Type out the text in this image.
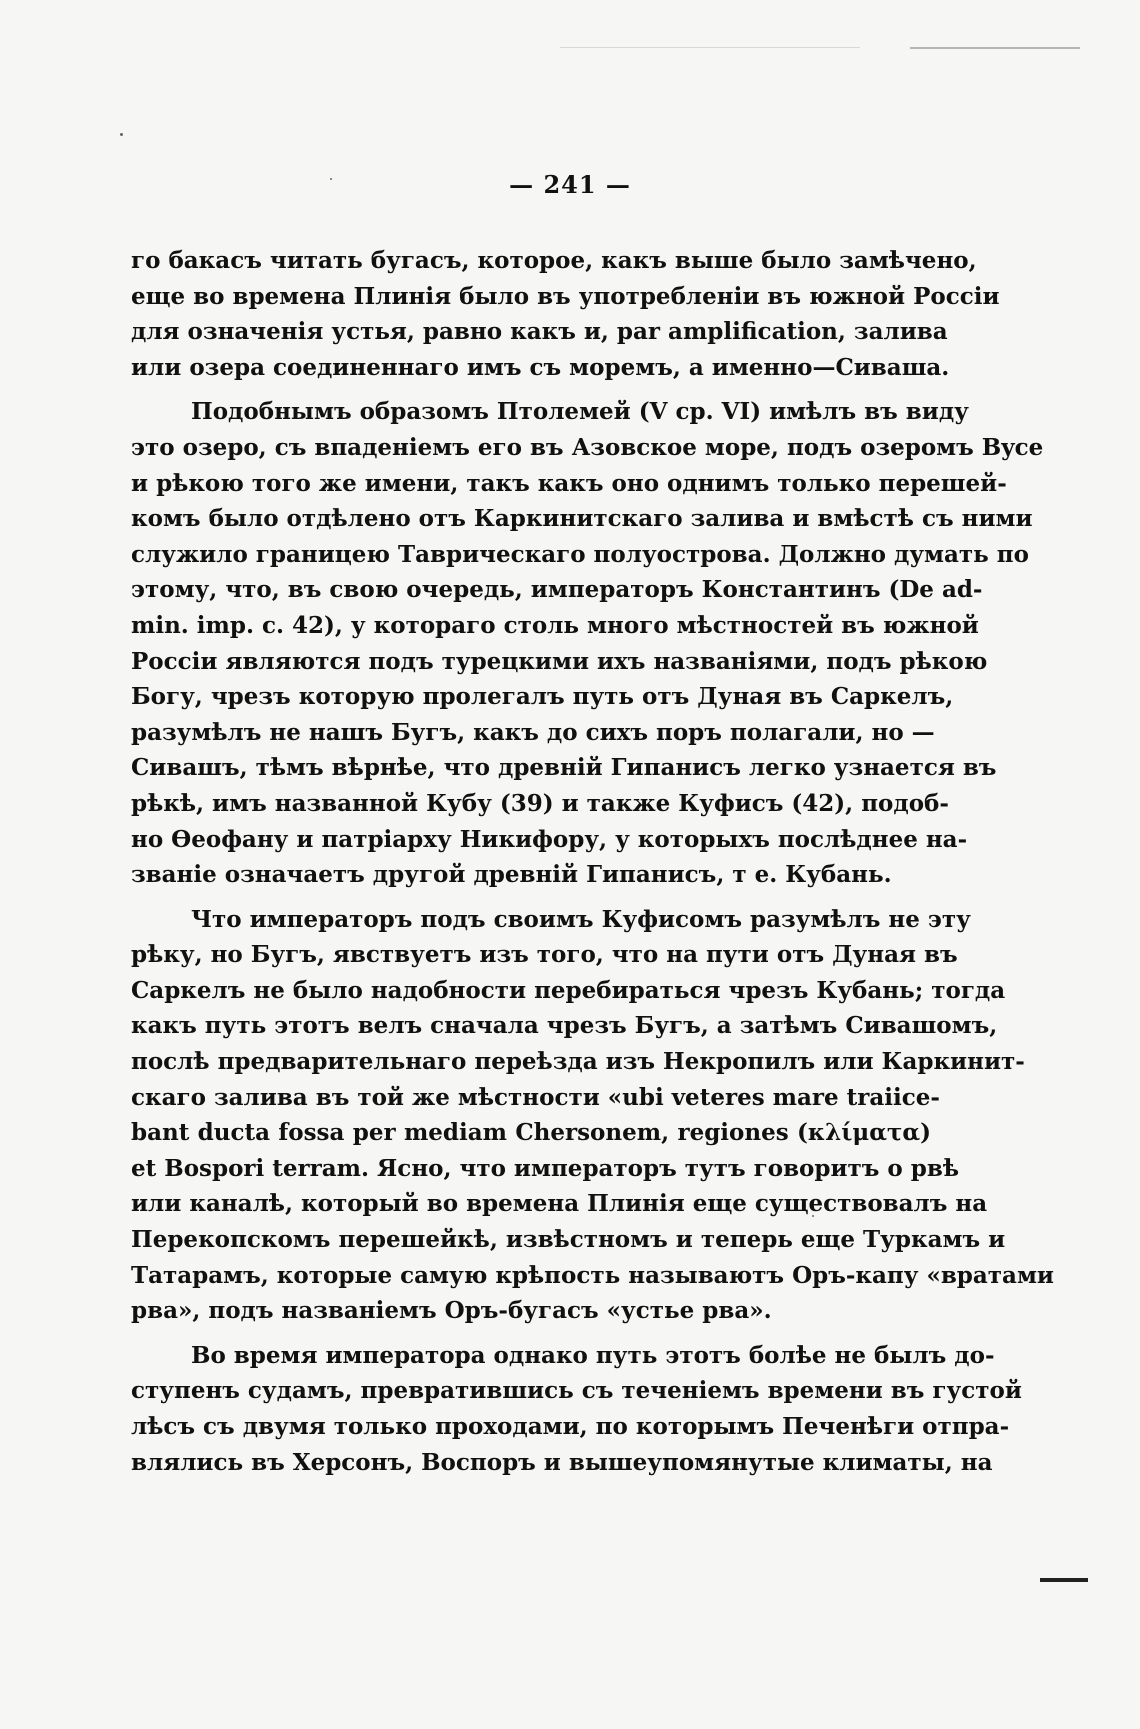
— 241 —
го бакасъ читать бугасъ, которое, какъ выше было замѣчено,
еще во времена Плинія было въ употребленіи въ южной Россіи
для означенія устья, равно какъ и, par amplification, залива
или озера соединеннаго имъ съ моремъ, а именно—Сиваша.
Подобнымъ образомъ Птолемей (V ср. VI) имѣлъ въ виду
это озеро, съ впаденіемъ его въ Азовское море, подъ озеромъ Byce
и рѣкою того же имени, такъ какъ оно однимъ только перешей-
комъ было отдѣлено отъ Каркинитскаго залива и вмѣстѣ съ ними
служило границею Таврическаго полуострова. Должно думать по
этому, что, въ свою очередь, императоръ Константинъ (De ad-
min. imp. c. 42), у котораго столь много мѣстностей въ южной
Россіи являются подъ турецкими ихъ названіями, подъ рѣкою
Богу, чрезъ которую пролегалъ путь отъ Дуная въ Саркелъ,
разумѣлъ не нашъ Бугъ, какъ до сихъ поръ полагали, но —
Сивашъ, тѣмъ вѣрнѣе, что древній Гипанисъ легко узнается въ
рѣкѣ, имъ названной Кубу (39) и также Куфисъ (42), подоб-
но Өеофану и патріарху Никифору, у которыхъ послѣднее на-
званіе означаетъ другой древній Гипанисъ, т е. Кубань.
Что императоръ подъ своимъ Куфисомъ разумѣлъ не эту
рѣку, но Бугъ, явствуетъ изъ того, что на пути отъ Дуная въ
Саркелъ не было надобности перебираться чрезъ Кубань; тогда
какъ путь этотъ велъ сначала чрезъ Бугъ, а затѣмъ Сивашомъ,
послѣ предварительнаго переѣзда изъ Некропилъ или Каркинит-
скаго залива въ той же мѣстности «ubi veteres mare traiice-
bant ducta fossa per mediam Chersonem, regiones (κλίματα)
et Bospori terram. Ясно, что императоръ тутъ говоритъ о рвѣ
или каналѣ, который во времена Плинія еще существовалъ на
Перекопскомъ перешейкѣ, извѣстномъ и теперь еще Туркамъ и
Татарамъ, которые самую крѣпость называютъ Оръ-капу «вратами
рва», подъ названіемъ Оръ-бугасъ «устье рва».
Во время императора однако путь этотъ болѣе не былъ до-
ступенъ судамъ, превратившись съ теченіемъ времени въ густой
лѣсъ съ двумя только проходами, по которымъ Печенѣги отпра-
влялись въ Херсонъ, Воспоръ и вышеупомянутые климаты, на
